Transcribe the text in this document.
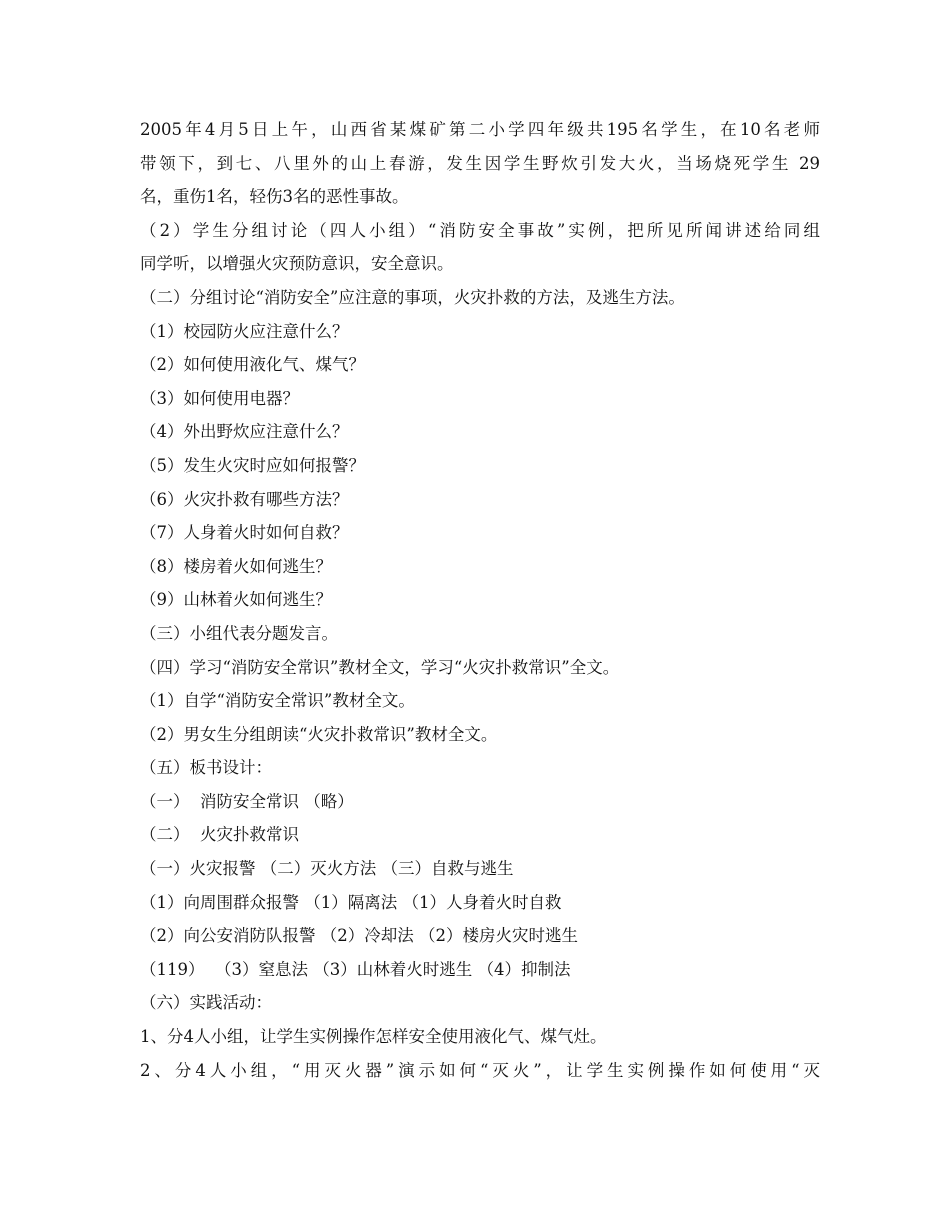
2005年4月5日上午，山西省某煤矿第二小学四年级共195名学生，在10名老师
带领下，到七、八里外的山上春游，发生因学生野炊引发大火，当场烧死学生 29
名，重伤1名，轻伤3名的恶性事故。
（2）学生分组讨论（四人小组）“消防安全事故”实例，把所见所闻讲述给同组
同学听，以增强火灾预防意识，安全意识。
（二）分组讨论“消防安全”应注意的事项，火灾扑救的方法，及逃生方法。
（1）校园防火应注意什么？
（2）如何使用液化气、煤气？
（3）如何使用电器？
（4）外出野炊应注意什么？
（5）发生火灾时应如何报警？
（6）火灾扑救有哪些方法？
（7）人身着火时如何自救？
（8）楼房着火如何逃生？
（9）山林着火如何逃生？
（三）小组代表分题发言。
（四）学习“消防安全常识”教材全文，学习“火灾扑救常识”全文。
（1）自学“消防安全常识”教材全文。
（2）男女生分组朗读“火灾扑救常识”教材全文。
（五）板书设计：
（一）  消防安全常识 （略）
（二）  火灾扑救常识
（一）火灾报警 （二）灭火方法 （三）自救与逃生
（1）向周围群众报警 （1）隔离法 （1）人身着火时自救
（2）向公安消防队报警 （2）冷却法 （2）楼房火灾时逃生
（119）  （3）窒息法 （3）山林着火时逃生 （4）抑制法
（六）实践活动：
1、分4人小组，让学生实例操作怎样安全使用液化气、煤气灶。
2、分4人小组，“用灭火器”演示如何“灭火”，让学生实例操作如何使用“灭
